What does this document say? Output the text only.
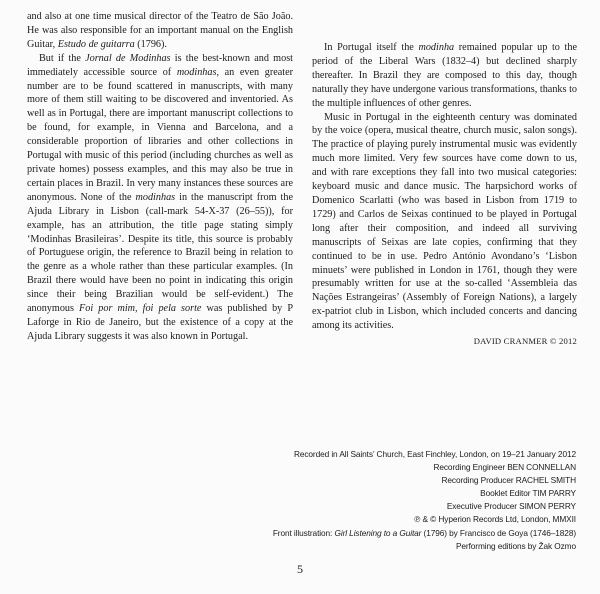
and also at one time musical director of the Teatro de São João. He was also responsible for an important manual on the English Guitar, Estudo de guitarra (1796).

But if the Jornal de Modinhas is the best-known and most immediately accessible source of modinhas, an even greater number are to be found scattered in manuscripts, with many more of them still waiting to be discovered and inventoried. As well as in Portugal, there are important manuscript collections to be found, for example, in Vienna and Barcelona, and a considerable proportion of libraries and other collections in Portugal with music of this period (including churches as well as private homes) possess examples, and this may also be true in certain places in Brazil. In very many instances these sources are anonymous. None of the modinhas in the manuscript from the Ajuda Library in Lisbon (call-mark 54-X-37 (26–55)), for example, has an attribution, the title page stating simply ‘Modinhas Brasileiras’. Despite its title, this source is probably of Portuguese origin, the reference to Brazil being in relation to the genre as a whole rather than these particular examples. (In Brazil there would have been no point in indicating this origin since their being Brazilian would be self-evident.) The anonymous Foi por mim, foi pela sorte was published by P Laforge in Rio de Janeiro, but the existence of a copy at the Ajuda Library suggests it was also known in Portugal.

In Portugal itself the modinha remained popular up to the period of the Liberal Wars (1832–4) but declined sharply thereafter. In Brazil they are composed to this day, though naturally they have undergone various transformations, thanks to the multiple influences of other genres.

Music in Portugal in the eighteenth century was dominated by the voice (opera, musical theatre, church music, salon songs). The practice of playing purely instrumental music was evidently much more limited. Very few sources have come down to us, and with rare exceptions they fall into two musical categories: keyboard music and dance music. The harpsichord works of Domenico Scarlatti (who was based in Lisbon from 1719 to 1729) and Carlos de Seixas continued to be played in Portugal long after their composition, and indeed all surviving manuscripts of Seixas are late copies, confirming that they continued to be in use. Pedro António Avondano’s ‘Lisbon minuets’ were published in London in 1761, though they were presumably written for use at the so-called ‘Assembleia das Nações Estrangeiras’ (Assembly of Foreign Nations), a largely ex-patriot club in Lisbon, which included concerts and dancing among its activities.

DAVID CRANMER © 2012

Recorded in All Saints’ Church, East Finchley, London, on 19–21 January 2012
Recording Engineer BEN CONNELLAN
Recording Producer RACHEL SMITH
Booklet Editor TIM PARRY
Executive Producer SIMON PERRY
℗ & © Hyperion Records Ltd, London, MMXII
Front illustration: Girl Listening to a Guitar (1796) by Francisco de Goya (1746–1828)
Performing editions by Žak Ozmo
5
